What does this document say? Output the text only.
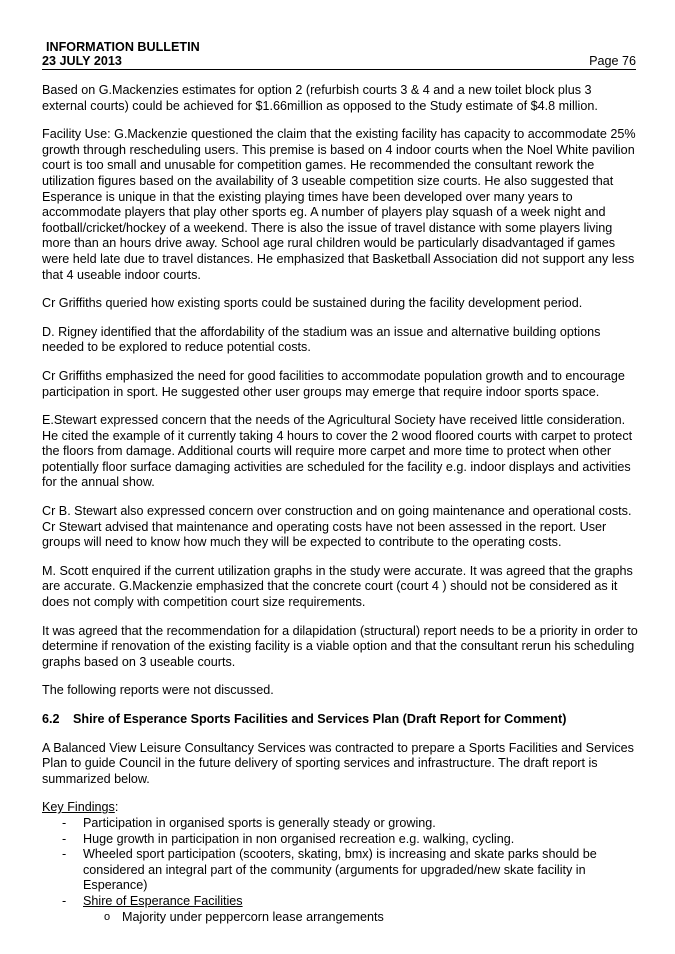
INFORMATION BULLETIN
23 JULY 2013	Page 76

Based on G.Mackenzies estimates for option 2 (refurbish courts 3 & 4 and a new toilet block plus 3 external courts) could be achieved for $1.66million as opposed to the Study estimate of $4.8 million.

Facility Use: G.Mackenzie questioned the claim that the existing facility has capacity to accommodate 25% growth through rescheduling users. This premise is based on 4 indoor courts when the Noel White pavilion court is too small and unusable for competition games. He recommended the consultant rework the utilization figures based on the availability of 3 useable competition size courts. He also suggested that Esperance is unique in that the existing playing times have been developed over many years to accommodate players that play other sports eg. A number of players play squash of a week night and football/cricket/hockey of a weekend. There is also the issue of travel distance with some players living more than an hours drive away. School age rural children would be particularly disadvantaged if games were held late due to travel distances. He emphasized that Basketball Association did not support any less that 4 useable indoor courts.

Cr Griffiths queried how existing sports could be sustained during the facility development period.

D. Rigney identified that the affordability of the stadium was an issue and alternative building options needed to be explored to reduce potential costs.

Cr Griffiths emphasized the need for good facilities to accommodate population growth and to encourage participation in sport. He suggested other user groups may emerge that require indoor sports space.

E.Stewart expressed concern that the needs of the Agricultural Society have received little consideration. He cited the example of it currently taking 4 hours to cover the 2 wood floored courts with carpet to protect the floors from damage. Additional courts will require more carpet and more time to protect when other potentially floor surface damaging activities are scheduled for the facility e.g. indoor displays and activities for the annual show.

Cr B. Stewart also expressed concern over construction and on going maintenance and operational costs. Cr Stewart advised that maintenance and operating costs have not been assessed in the report. User groups will need to know how much they will be expected to contribute to the operating costs.

M. Scott enquired if the current utilization graphs in the study were accurate. It was agreed that the graphs are accurate. G.Mackenzie emphasized that the concrete court (court 4 ) should not be considered as it does not comply with competition court size requirements.

It was agreed that the recommendation for a dilapidation (structural) report needs to be a priority in order to determine if renovation of the existing facility is a viable option and that the consultant rerun his scheduling graphs based on 3 useable courts.

The following reports were not discussed.

6.2	Shire of Esperance Sports Facilities and Services Plan (Draft Report for Comment)

A Balanced View Leisure Consultancy Services was contracted to prepare a Sports Facilities and Services Plan to guide Council in the future delivery of sporting services and infrastructure. The draft report is summarized below.

Key Findings:
- Participation in organised sports is generally steady or growing.
- Huge growth in participation in non organised recreation e.g. walking, cycling.
- Wheeled sport participation (scooters, skating, bmx) is increasing and skate parks should be considered an integral part of the community (arguments for upgraded/new skate facility in Esperance)
- Shire of Esperance Facilities
o Majority under peppercorn lease arrangements
